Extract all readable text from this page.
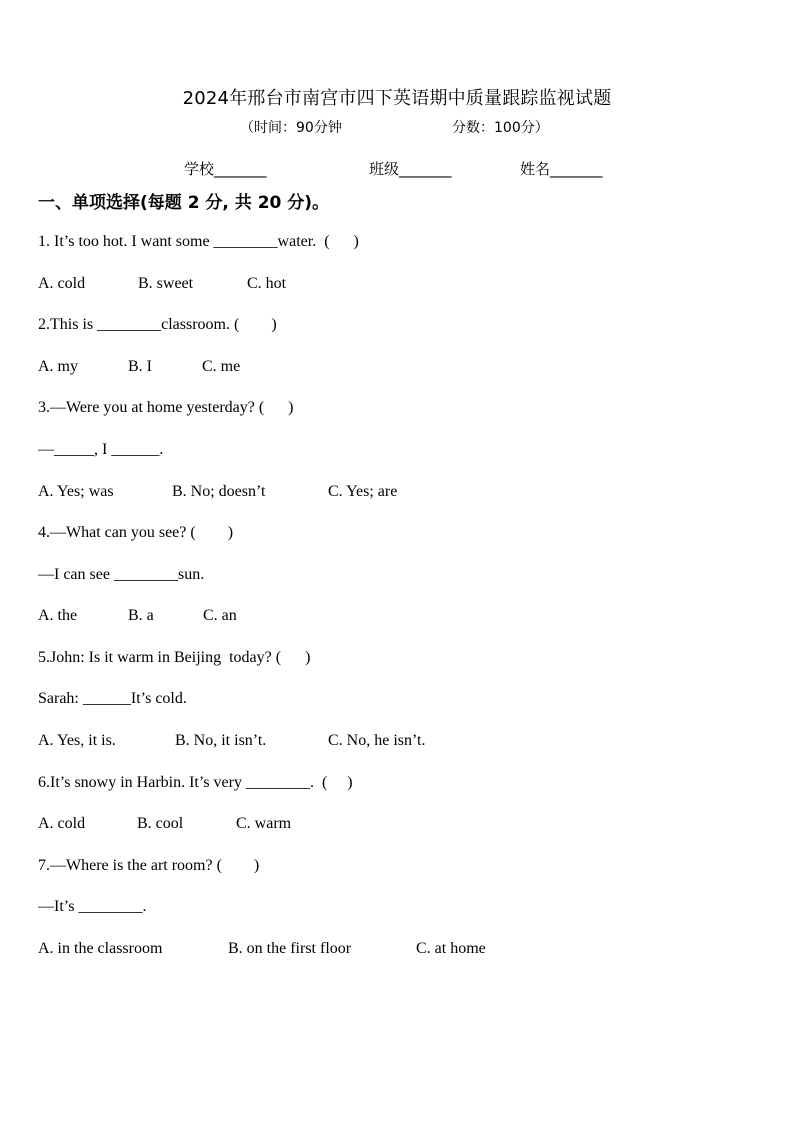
2024年邢台市南宫市四下英语期中质量跟踪监视试题
（时间：90分钟	分数：100分）
学校_______	班级_______	姓名_______
一、单项选择(每题 2 分, 共 20 分)。
1. It’s too hot. I want some ________water.  (      )
A. cold	B. sweet	C. hot
2.This is ________classroom. (        )
A. my	B. I	C. me
3.—Were you at home yesterday? (      )
—_____, I ______.
A. Yes; was	B. No; doesn’t	C. Yes; are
4.—What can you see? (        )
—I can see ________sun.
A. the	B. a	C. an
5.John: Is it warm in Beijing  today? (      )
Sarah: ______It’s cold.
A. Yes, it is.	B. No, it isn’t.	C. No, he isn’t.
6.It’s snowy in Harbin. It’s very ________.  (     )
A. cold	B. cool	C. warm
7.—Where is the art room? (        )
—It’s ________.
A. in the classroom	B. on the first floor	C. at home
